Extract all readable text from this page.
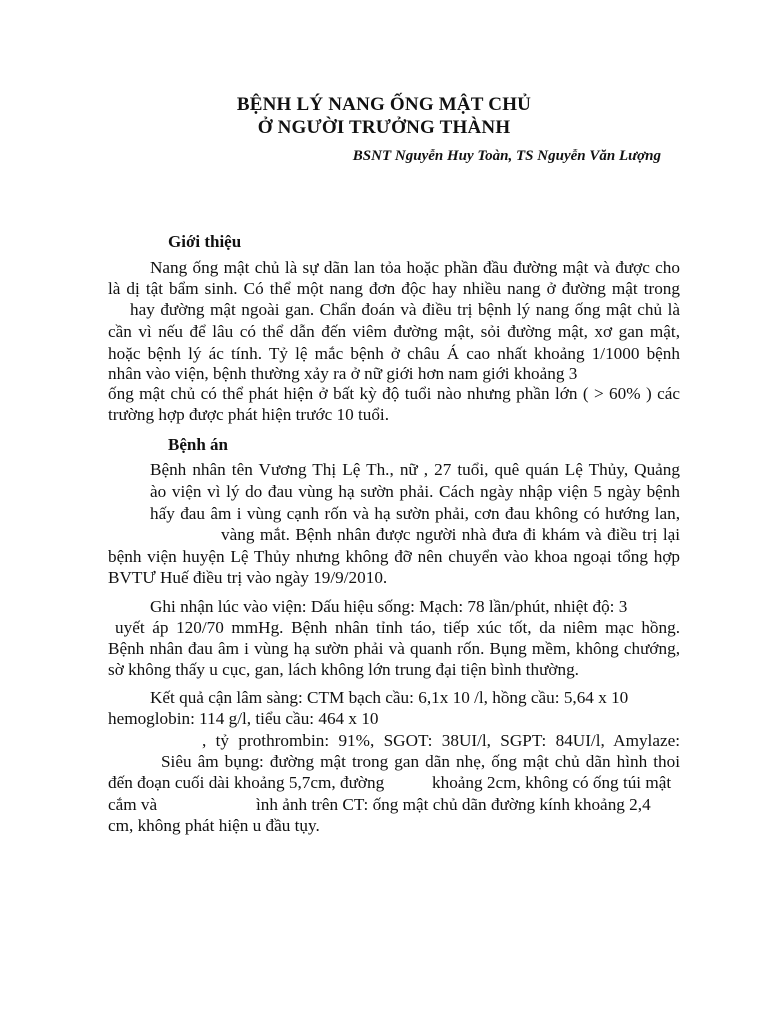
BỆNH LÝ NANG ỐNG MẬT CHỦ
Ở NGƯỜI TRƯỞNG THÀNH
BSNT Nguyễn Huy Toàn, TS Nguyễn Văn Lượng
Giới thiệu
Nang ống mật chủ là sự dãn lan tỏa hoặc phần đầu đường mật và được cho
là dị tật bẩm sinh. Có thể một nang đơn độc hay nhiều nang ở đường mật trong
hay đường mật ngoài gan. Chẩn đoán và điều trị bệnh lý nang ống mật chủ là
cần vì nếu để lâu có thể dẫn đến viêm đường mật, sỏi đường mật, xơ gan mật,
hoặc bệnh lý ác tính. Tỷ lệ mắc bệnh ở châu Á cao nhất khoảng 1/1000 bệnh
nhân vào viện, bệnh thường xảy ra ở nữ giới hơn nam giới khoảng 3
ống mật chủ có thể phát hiện ở bất kỳ độ tuổi nào nhưng phần lớn ( > 60% ) các
trường hợp được phát hiện trước 10 tuổi.
Bệnh án
Bệnh nhân tên Vương Thị Lệ Th., nữ , 27 tuổi, quê quán Lệ Thủy, Quảng
ào viện vì lý do đau vùng hạ sườn phải. Cách ngày nhập viện 5 ngày bệnh
hấy đau âm i vùng cạnh rốn và hạ sườn phải, cơn đau không có hướng lan,
vàng mắt. Bệnh nhân được người nhà đưa đi khám và điều trị lại
bệnh viện huyện Lệ Thủy nhưng không đỡ nên chuyển vào khoa ngoại tổng hợp
BVTƯ Huế điều trị vào ngày 19/9/2010.
Ghi nhận lúc vào viện: Dấu hiệu sống: Mạch: 78 lần/phút, nhiệt độ: 3
uyết áp 120/70 mmHg. Bệnh nhân tỉnh táo, tiếp xúc tốt, da niêm mạc hồng.
Bệnh nhân đau âm i vùng hạ sườn phải và quanh rốn. Bụng mềm, không chướng,
sờ không thấy u cục, gan, lách không lớn trung đại tiện bình thường.
Kết quả cận lâm sàng: CTM bạch cầu: 6,1x 10 /l, hồng cầu: 5,64 x 10
hemoglobin: 114 g/l, tiểu cầu: 464 x 10
, tỷ prothrombin: 91%, SGOT: 38UI/l, SGPT: 84UI/l, Amylaze:
Siêu âm bụng: đường mật trong gan dãn nhẹ, ống mật chủ dãn hình thoi
đến đoạn cuối dài khoảng 5,7cm, đường	khoảng 2cm, không có ống túi mật
cắm và	ình ảnh trên CT: ống mật chủ dãn đường kính khoảng 2,4
cm, không phát hiện u đầu tụy.
